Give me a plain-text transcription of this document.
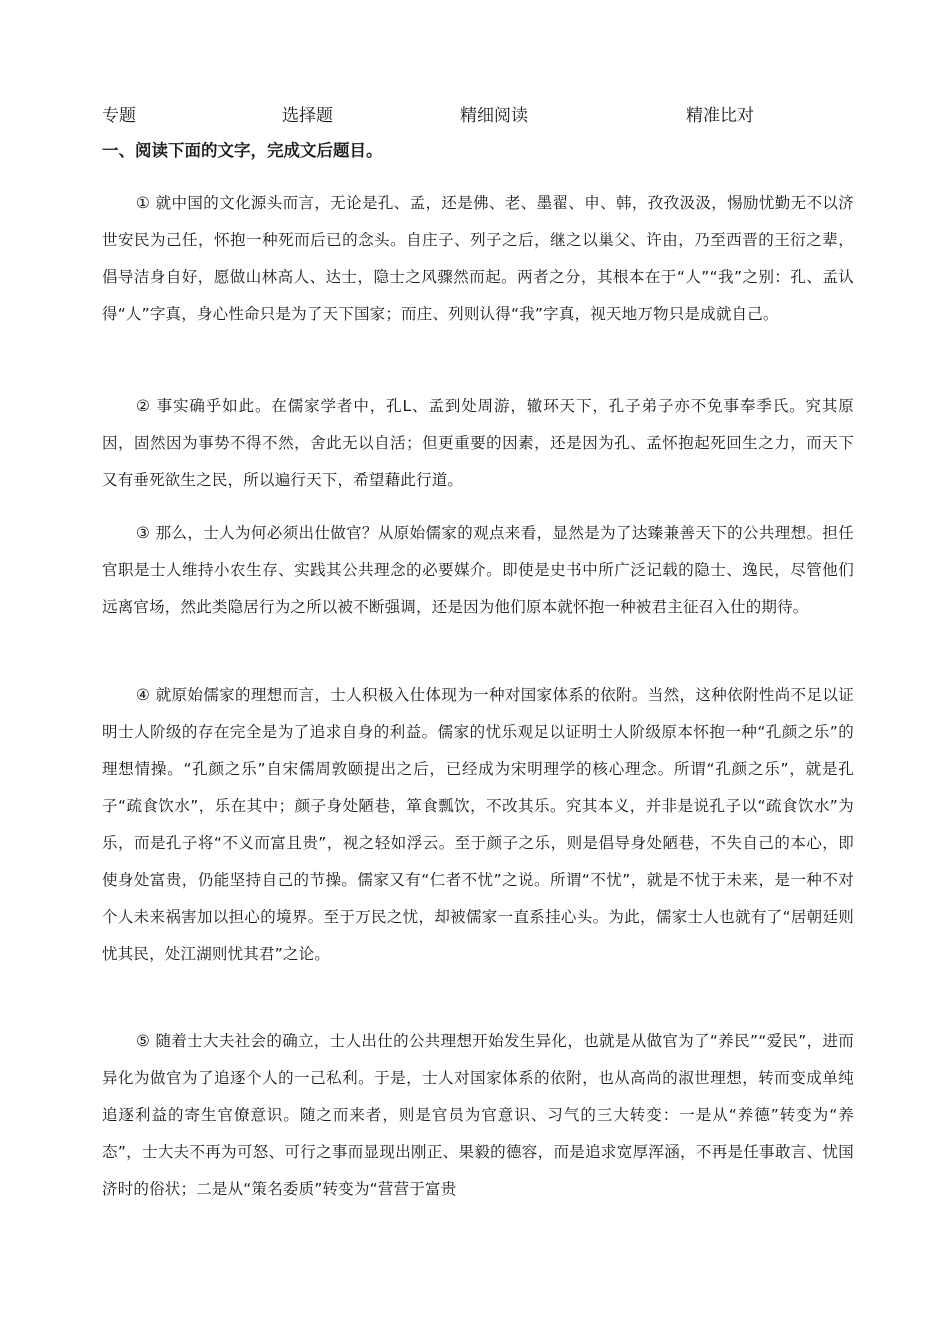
专题	选择题	精细阅读	精准比对
一、阅读下面的文字，完成文后题目。
① 就中国的文化源头而言，无论是孔、孟，还是佛、老、墨翟、申、韩，孜孜汲汲，惕励忧勤无不以济世安民为己任，怀抱一种死而后已的念头。自庄子、列子之后，继之以巢父、许由，乃至西晋的王衍之辈，倡导洁身自好，愿做山林高人、达士，隐士之风骤然而起。两者之分，其根本在于“人”“我”之别：孔、孟认得“人”字真，身心性命只是为了天下国家；而庄、列则认得“我”字真，视天地万物只是成就自己。
② 事实确乎如此。在儒家学者中，孔L、孟到处周游，辙环天下，孔子弟子亦不免事奉季氏。究其原因，固然因为事势不得不然，舍此无以自活；但更重要的因素，还是因为孔、孟怀抱起死回生之力，而天下又有垂死欲生之民，所以遍行天下，希望藉此行道。
③ 那么，士人为何必须出仕做官？从原始儒家的观点来看，显然是为了达臻兼善天下的公共理想。担任官职是士人维持小农生存、实践其公共理念的必要媒介。即使是史书中所广泛记载的隐士、逸民，尽管他们远离官场，然此类隐居行为之所以被不断强调，还是因为他们原本就怀抱一种被君主征召入仕的期待。
④ 就原始儒家的理想而言，士人积极入仕体现为一种对国家体系的依附。当然，这种依附性尚不足以证明士人阶级的存在完全是为了追求自身的利益。儒家的忧乐观足以证明士人阶级原本怀抱一种“孔颜之乐”的理想情操。“孔颜之乐”自宋儒周敦颐提出之后，已经成为宋明理学的核心理念。所谓“孔颜之乐”，就是孔子“疏食饮水”，乐在其中；颜子身处陋巷，箪食瓢饮，不改其乐。究其本义，并非是说孔子以“疏食饮水”为乐，而是孔子将“不义而富且贵”，视之轻如浮云。至于颜子之乐，则是倡导身处陋巷，不失自己的本心，即使身处富贵，仍能坚持自己的节操。儒家又有“仁者不忧”之说。所谓“不忧”，就是不忧于未来，是一种不对个人未来祸害加以担心的境界。至于万民之忧，却被儒家一直系挂心头。为此，儒家士人也就有了“居朝廷则忧其民，处江湖则忧其君”之论。
⑤ 随着士大夫社会的确立，士人出仕的公共理想开始发生异化，也就是从做官为了“养民”“爱民”，进而异化为做官为了追逐个人的一己私利。于是，士人对国家体系的依附，也从高尚的淑世理想，转而变成单纯追逐利益的寄生官僚意识。随之而来者，则是官员为官意识、习气的三大转变：一是从“养德”转变为“养态”，士大夫不再为可怒、可行之事而显现出刚正、果毅的德容，而是追求宽厚浑涵，不再是任事敢言、忧国济时的俗状；二是从“策名委质”转变为“营营于富贵
